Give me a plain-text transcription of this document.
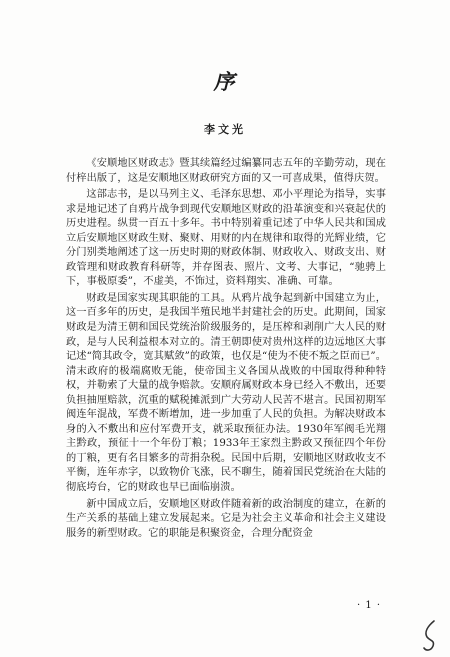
序
李文光

《安顺地区财政志》暨其续篇经过编纂同志五年的辛勤劳动，现在付梓出版了，这是安顺地区财政研究方面的又一可喜成果，值得庆贺。

这部志书，是以马列主义、毛泽东思想、邓小平理论为指导，实事求是地记述了自鸦片战争到现代安顺地区财政的沿革演变和兴衰起伏的历史进程。纵贯一百五十多年。书中特别着重记述了中华人民共和国成立后安顺地区财政生财、聚财、用财的内在规律和取得的光辉业绩，它分门别类地阐述了这一历史时期的财政体制、财政收入、财政支出、财政管理和财政教育科研等，并存图表、照片、文考、大事记，“驰骋上下，事极原委”，不虚美，不饰过，资料翔实、准确、可靠。

财政是国家实现其职能的工具。从鸦片战争起到新中国建立为止，这一百多年的历史，是我国半殖民地半封建社会的历史。此期间，国家财政是为清王朝和国民党统治阶级服务的，是压榨和剥削广大人民的财政，是与人民利益根本对立的。清王朝即使对贵州这样的边远地区大事记述“简其政令，宽其赋敛”的政策，也仅是“使为不使不叛之臣而已”。清末政府的极端腐败无能，使帝国主义各国从战败的中国取得种种特权，并勒索了大量的战争赔款。安顺府属财政本身已经入不敷出，还要负担抽厘赔款，沉重的赋税摊派到广大劳动人民苦不堪言。民国初期军阀连年混战，军费不断增加，进一步加重了人民的负担。为解决财政本身的入不敷出和应付军费开支，就采取预征办法。1930年军阀毛光翔主黔政，预征十一个年份丁粮；1933年王家烈主黔政又预征四个年份的丁粮，更有名目繁多的苛捐杂税。民国中后期，安顺地区财政收支不平衡，连年赤字，以致物价飞涨，民不聊生，随着国民党统治在大陆的彻底垮台，它的财政也早已面临崩溃。

新中国成立后，安顺地区财政伴随着新的政治制度的建立，在新的生产关系的基础上建立发展起来。它是为社会主义革命和社会主义建设服务的新型财政。它的职能是积聚资金，合理分配资金

· 1 ·
